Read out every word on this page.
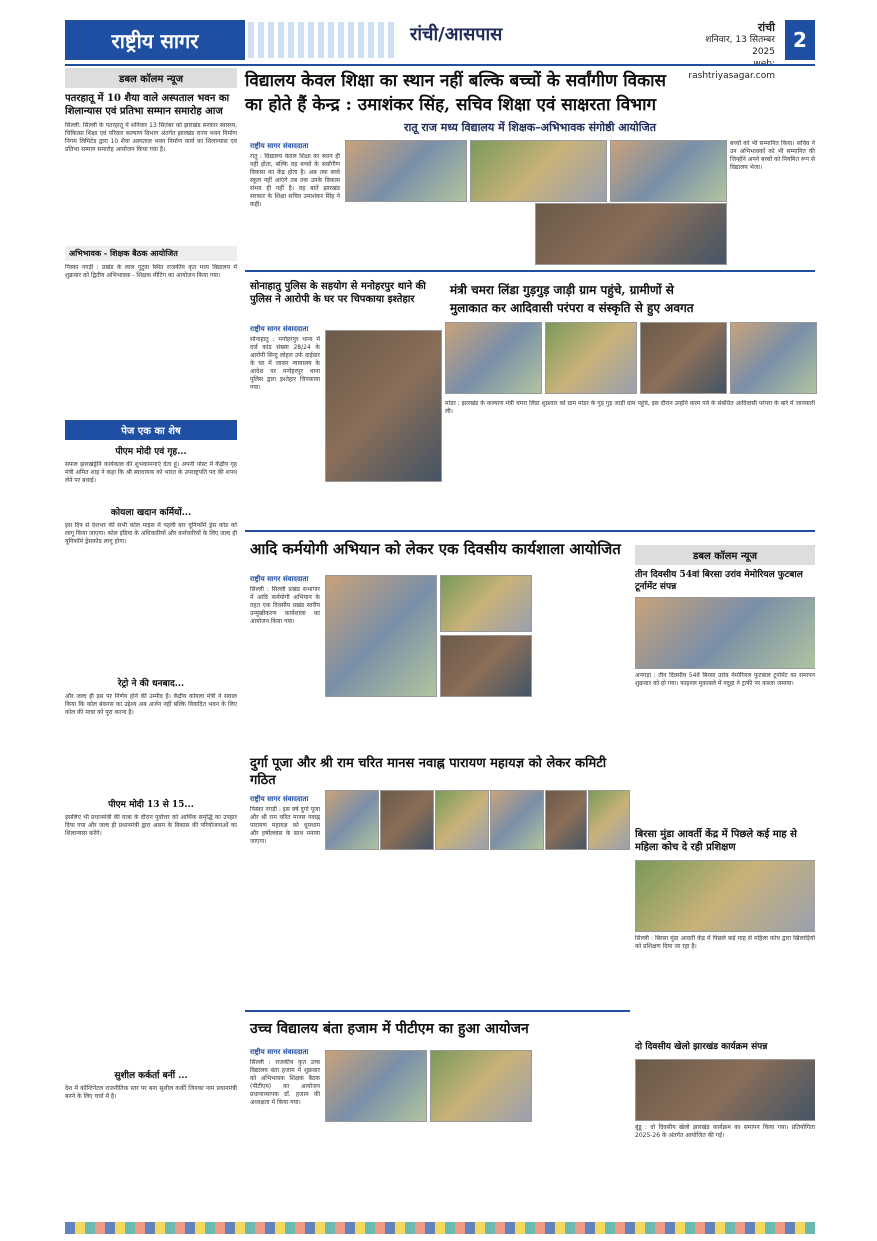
राष्ट्रीय सागर	रांची/आसपास	रांची
शनिवार, 13 सितम्बर 2025
rashtriyasagar.com
2
डबल कॉलम न्यूज
पतरहातू में 10 शैया वाले अस्पताल भवन का शिलान्यास एवं प्रतिभा सम्मान समारोह आज
सिल्ली: सिल्ली के पतरहातू में शनिवार 13 सितंबर को झारखंड सरकार स्वास्थ्य, चिकित्सा शिक्षा एवं परिवार कल्याण विभाग अंतर्गत झारखंड राज्य भवन निर्माण निगम लिमिटेड द्वारा 10 शैया अस्पताल भवन निर्माण कार्य का शिलान्यास एवं प्रतिभा सम्मान समारोह आयोजन किया गया है।
अभिभावक - शिक्षक बैठक आयोजित
पिस्का नगड़ी : प्रखंड के लाल गुटुवा स्थित राजकीय कृत मध्य विद्यालय में शुक्रवार को द्वितीय अभिभावक - शिक्षक मीटिंग का आयोजन किया गया।
पेज एक का शेष
पीएम मोदी एवं गृह...
सफल झारखंड्रेनि कार्यकाल की शुभकामनाएं देता हूं। अपनी पोस्ट में केंद्रीय गृह मंत्री अमित शाह ने कहा कि श्री स्वाधायक को भारत के उपराष्ट्रपति पद की शपथ लेने पर बधाई।
कोयला खदान कर्मियों...
इस दिन से देशभर की सभी कोल माइंस में पहली बार यूनिफॉर्म ड्रेस कोड को लागू किया जाएगा। कोल इंडिया के अधिकारियों और कर्मचारियों के लिए जल्द ही यूनिफॉर्म ड्रेसकोड लागू होगा।
रेट्रो ने की धनबाद...
और जल्द ही इस पर निर्णय होने की उम्मीद है। केंद्रीय कोयला मंत्री ने सवाल किया कि कोल बंकरस का उद्देश्य अब अर्जन नहीं बल्कि विवादित भवन के लिए कोल की मात्रा को पूरा करना है।
पीएम मोदी 13 से 15...
इसलिए भी प्रधानमंत्री की यात्रा के दौरान पूर्वोत्तर को आर्थिक समृद्धि का उपहार दिया गया और जल्द ही प्रधानमंत्री द्वारा असम के विकास की परियोजनाओं का शिलान्यास करेंगे।
सुशील कर्कर्ता बनीं ...
देश में कॉन्टिनेंटल राजनीतिक स्तर पर बना सुशील कर्की जिनका नाम प्रधानमंत्री बनने के लिए चर्चा में है।
विद्यालय केवल शिक्षा का स्थान नहीं बल्कि बच्चों के सर्वांगीण विकास
का होते हैं केन्द्र : उमाशंकर सिंह, सचिव शिक्षा एवं साक्षरता विभाग
रातू राज मध्य विद्यालय में शिक्षक–अभिभावक संगोष्ठी आयोजित
राष्ट्रीय सागर संवाददाता
रातू : विद्यालय केवल शिक्षा का स्थान ही नहीं होता, बल्कि यह बच्चों के सर्वांगीण विकास का केंद्र होता है। अब तक बच्चे स्कूल नहीं आएंगे तब तक उनके विकास संभव ही नहीं है। यह बातें झारखंड सरकार के शिक्षा सचिव उमाशंकर सिंह ने कही।
बच्चों को भी सम्मानित किया। सचिव ने उन अभिभावकों को भी सम्मानित की जिन्होंने अपने बच्चों को नियमित रूप से विद्यालय भेजा।
सोनाहातु पुलिस के सहयोग से मनोहरपुर थाने की पुलिस ने आरोपी के घर पर चिपकाया इश्तेहार
राष्ट्रीय सागर संवाददाता
सोनाहातु : मनोहरपुर थाना में दर्ज कांड संख्या 28/24 के आरोपी सिन्टू लोहरा उर्फ दाईवार के घर में जाकर न्यायालय के आदेश पर मनोहरपुर थाना पुलिस द्वारा इश्तेहार चिपकाया गया।
मंत्री चमरा लिंडा गुड़गुड़ जाड़ी ग्राम पहुंचे, ग्रामीणों से
मुलाकात कर आदिवासी परंपरा व संस्कृति से हुए अवगत
मांडर : झारखंड के कल्याण मंत्री चमरा लिंडा शुक्रवार को ग्राम मांडर के गुड़ गुड़ जाड़ी ग्राम पहुंचे, इस दौरान उन्होंने करम पर्व के संबंधित आदिवासी परंपरा के बारे में जानकारी ली।
आदि कर्मयोगी अभियान को लेकर एक दिवसीय कार्यशाला आयोजित
राष्ट्रीय सागर संवाददाता
सिल्ली : सिल्ली प्रखंड सभागार में आदि कर्मयोगी अभियान के तहत एक दिवसीय प्रखंड स्तरीय उन्मुखीकरण कार्यशाला का आयोजन किया गया।
डबल कॉलम न्यूज
तीन दिवसीय 54वां बिरसा उरांव मेमोरियल फुटबाल टूर्नामेंट संपन्न
अनगड़ा : तीन दिवसीय 54वें बिरसा उरांव मेमोरियल फुटबाल टूर्नामेंट का समापन शुक्रवार को हो गया। फाइनल मुकाबले में नदुहा ने ट्राफी पर कब्जा जमाया।
बिरसा मुंडा आवर्ती केंद्र में पिछले कई माह से महिला कोच दे रही प्रशिक्षण
सिल्ली : बिरसा मुंडा आवर्ती केंद्र में पिछले कई माह से महिला कोच द्वारा खिलाड़ियों को प्रशिक्षण दिया जा रहा है।
दो दिवसीय खेलो झारखंड कार्यक्रम संपन्न
बुंडू : दो दिवसीय खेलो झारखंड कार्यक्रम का समापन किया गया। प्रतियोगिता 2025-26 के अंतर्गत आयोजित की गई।
दुर्गा पूजा और श्री राम चरित मानस नवाह्न पारायण महायज्ञ को लेकर कमिटी गठित
राष्ट्रीय सागर संवाददाता
पिस्का नगड़ी : इस वर्ष दुर्गा पूजा और श्री राम चरित मानस नवाह्न पारायण महायज्ञ को धूमधाम और हर्षोल्लास के साथ मनाया जाएगा।
उच्च विद्यालय बंता हजाम में पीटीएम का हुआ आयोजन
राष्ट्रीय सागर संवाददाता
सिल्ली : राजकीय कृत उच्च विद्यालय बंता हजाम में शुक्रवार को अभिभावक शिक्षक बैठक (पीटीएम) का आयोजन प्रधानाध्यापक डॉ. हजाम की अध्यक्षता में किया गया।
